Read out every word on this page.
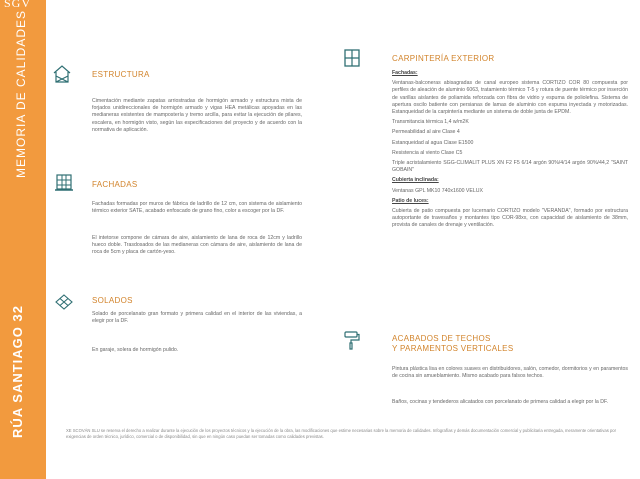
SGV
MEMORIA DE CALIDADES
RÚA SANTIAGO 32
ESTRUCTURA
Cimentación mediante zapatas arriostradas de hormigón armado y estructura mixta de forjados unidireccionales de hormigón armado y vigas HEA metálicas apoyadas en las medianeras existentes de mampostería y tremo arcilla, para evitar la ejecución de pilares, escalera, en hormigón visto, según las especificaciones del proyecto y de acuerdo con la normativa de aplicación.
FACHADAS
Fachadas formadas por muros de fábrica de ladrillo de 12 cm, con sistema de aislamiento térmico exterior SATE, acabado enfoscado de grano fino, color a escoger por la DF.
El intetorse compone de cámara de aire, aislamiento de lana de roca de 12cm y ladrillo hueco doble. Trasdosados de las medianeras con cámara de aire, aislamiento de lana de roca de 5cm y placa de cartón-yeso.
SOLADOS
Solado de porcelanato gran formato y primera calidad en el interior de las viviendas, a elegir por la DF.
En garaje, solera de hormigón pulido.
CARPINTERÍA EXTERIOR
Fachadas:
Ventanas-balconeras abisagradas de canal europeo sistema CORTIZO COR 80 compuesta por perfiles de aleación de aluminio 6063, tratamiento térmico T-5 y rotura de puente térmico por inserción de varillas aislantes de poliamida reforzada con fibra de vidrio y espuma de poliolefina. Sistema de apertura oscilo batiente con persianas de lamas de aluminio con espuma inyectada y motorizadas. Estanqueidad de la carpintería mediante un sistema de doble junta de EPDM.
Transmitancia térmica 1,4 w/m2K
Permeabilidad al aire Clase 4
Estanqueidad al agua Clase E1500
Resistencia al viento Clase C5
Triple acristalamiento SGG-CLIMALIT PLUS XN F2 F5 6/14 argón 90%/4/14 argón 90%/44,2 "SAINT GOBAIN"
Cubierta inclinada:
Ventanas GPL MK10 740x1600 VELUX
Patio de luces:
Cubierta de patio compuesta por lucernario CORTIZO modelo "VERANDA", formado por estructura autoportante de travesaños y montantes tipo COR-98xx, con capacidad de aislamiento de 38mm, provista de canales de drenaje y ventilación.
ACABADOS DE TECHOS
Y PARAMENTOS VERTICALES
Pintura plástica lisa en colores suaves en distribuidores, salón, comedor, dormitorios y en paramentos de cocina sin amueblamiento. Mismo acabado para falsos techos.
Baños, cocinas y tendederos alicatados con porcelanato de primera calidad a elegir por la DF.
XE SCOVÁN SLU se reserva el derecho a realizar durante la ejecución de los proyectos técnicos y la ejecución de la obra, las modificaciones que estime necesarias sobre la memoria de calidades. Infografías y demás documentación comercial y publicitaria entregada, meramente orientativas por exigencias de orden técnico, jurídico, comercial o de disponibilidad, sin que en ningún caso puedan ser tomadas como calidades previstas.
